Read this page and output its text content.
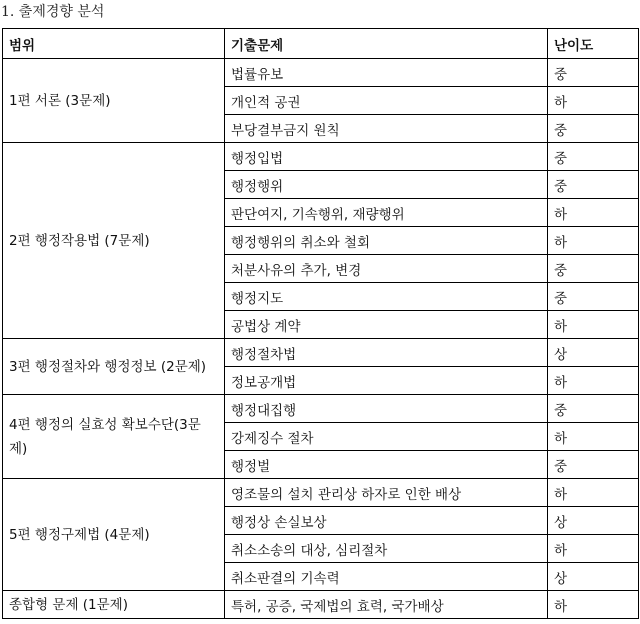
1. 출제경향 분석
범위	기출문제	난이도
1편 서론 (3문제)	법률유보	중
	개인적 공권	하
	부당결부금지 원칙	중
2편 행정작용법 (7문제)	행정입법	중
	행정행위	중
	판단여지, 기속행위, 재량행위	하
	행정행위의 취소와 철회	하
	처분사유의 추가, 변경	중
	행정지도	중
	공법상 계약	하
3편 행정절차와 행정정보 (2문제)	행정절차법	상
	정보공개법	하
4편 행정의 실효성 확보수단(3문제)	행정대집행	중
	강제징수 절차	하
	행정벌	중
5편 행정구제법 (4문제)	영조물의 설치 관리상 하자로 인한 배상	하
	행정상 손실보상	상
	취소소송의 대상, 심리절차	하
	취소판결의 기속력	상
종합형 문제 (1문제)	특허, 공증, 국제법의 효력, 국가배상	하
